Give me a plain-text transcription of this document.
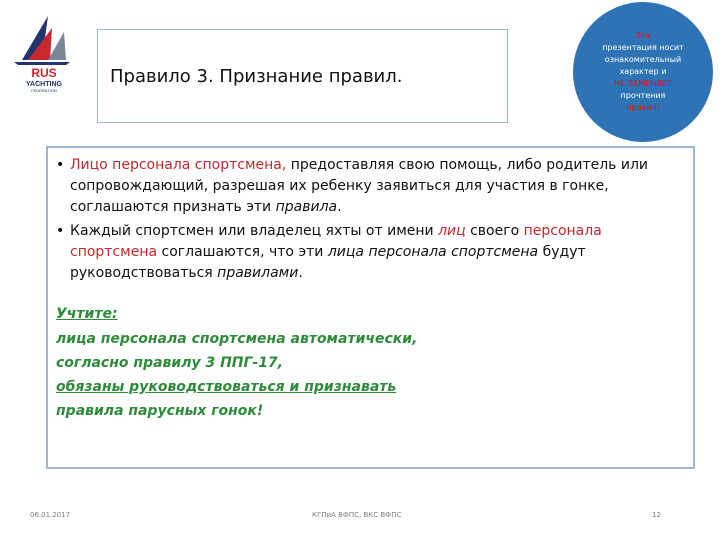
RUS
YACHTING
FEDERATION
Правило 3. Признание правил.
Эта
презентация носит
ознакомительный
характер и
НЕ ЗАМЕНЯЕТ
прочтения
правил!
• Лицо персонала спортсмена, предоставляя свою помощь, либо родитель или сопровождающий, разрешая их ребенку заявиться для участия в гонке, соглашаются признать эти правила.
• Каждый спортсмен или владелец яхты от имени лиц своего персонала спортсмена соглашаются, что эти лица персонала спортсмена будут руководствоваться правилами.
Учтите:
лица персонала спортсмена автоматически,
согласно правилу 3 ППГ-17,
обязаны руководствоваться и признавать
правила парусных гонок!
06.01.2017	КГПиА ВФПС, ВКС ВФПС	12
